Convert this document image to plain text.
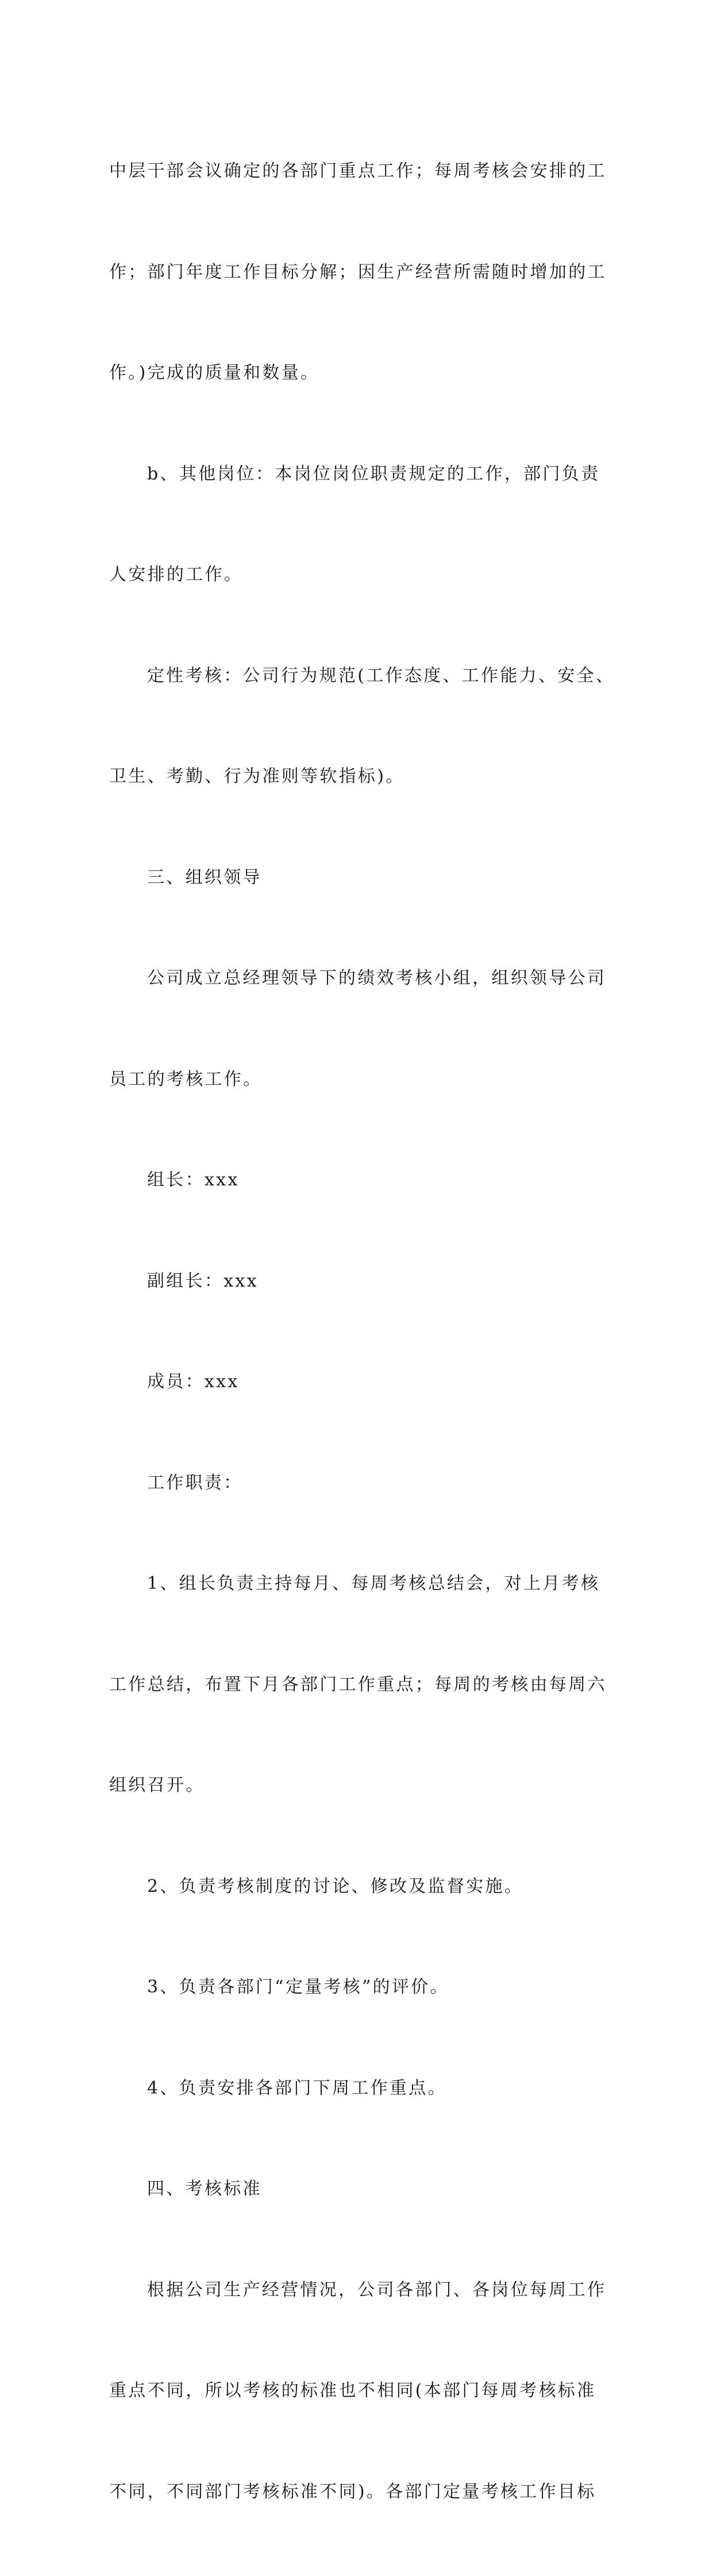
中层干部会议确定的各部门重点工作；每周考核会安排的工

作；部门年度工作目标分解；因生产经营所需随时增加的工

作。)完成的质量和数量。

b、其他岗位：本岗位岗位职责规定的工作，部门负责

人安排的工作。

定性考核：公司行为规范(工作态度、工作能力、安全、

卫生、考勤、行为准则等软指标)。

三、组织领导

公司成立总经理领导下的绩效考核小组，组织领导公司

员工的考核工作。

组长：xxx

副组长：xxx

成员：xxx

工作职责：

1、组长负责主持每月、每周考核总结会，对上月考核

工作总结，布置下月各部门工作重点；每周的考核由每周六

组织召开。

2、负责考核制度的讨论、修改及监督实施。

3、负责各部门“定量考核”的评价。

4、负责安排各部门下周工作重点。

四、考核标准

根据公司生产经营情况，公司各部门、各岗位每周工作

重点不同，所以考核的标准也不相同(本部门每周考核标准

不同，不同部门考核标准不同)。各部门定量考核工作目标
